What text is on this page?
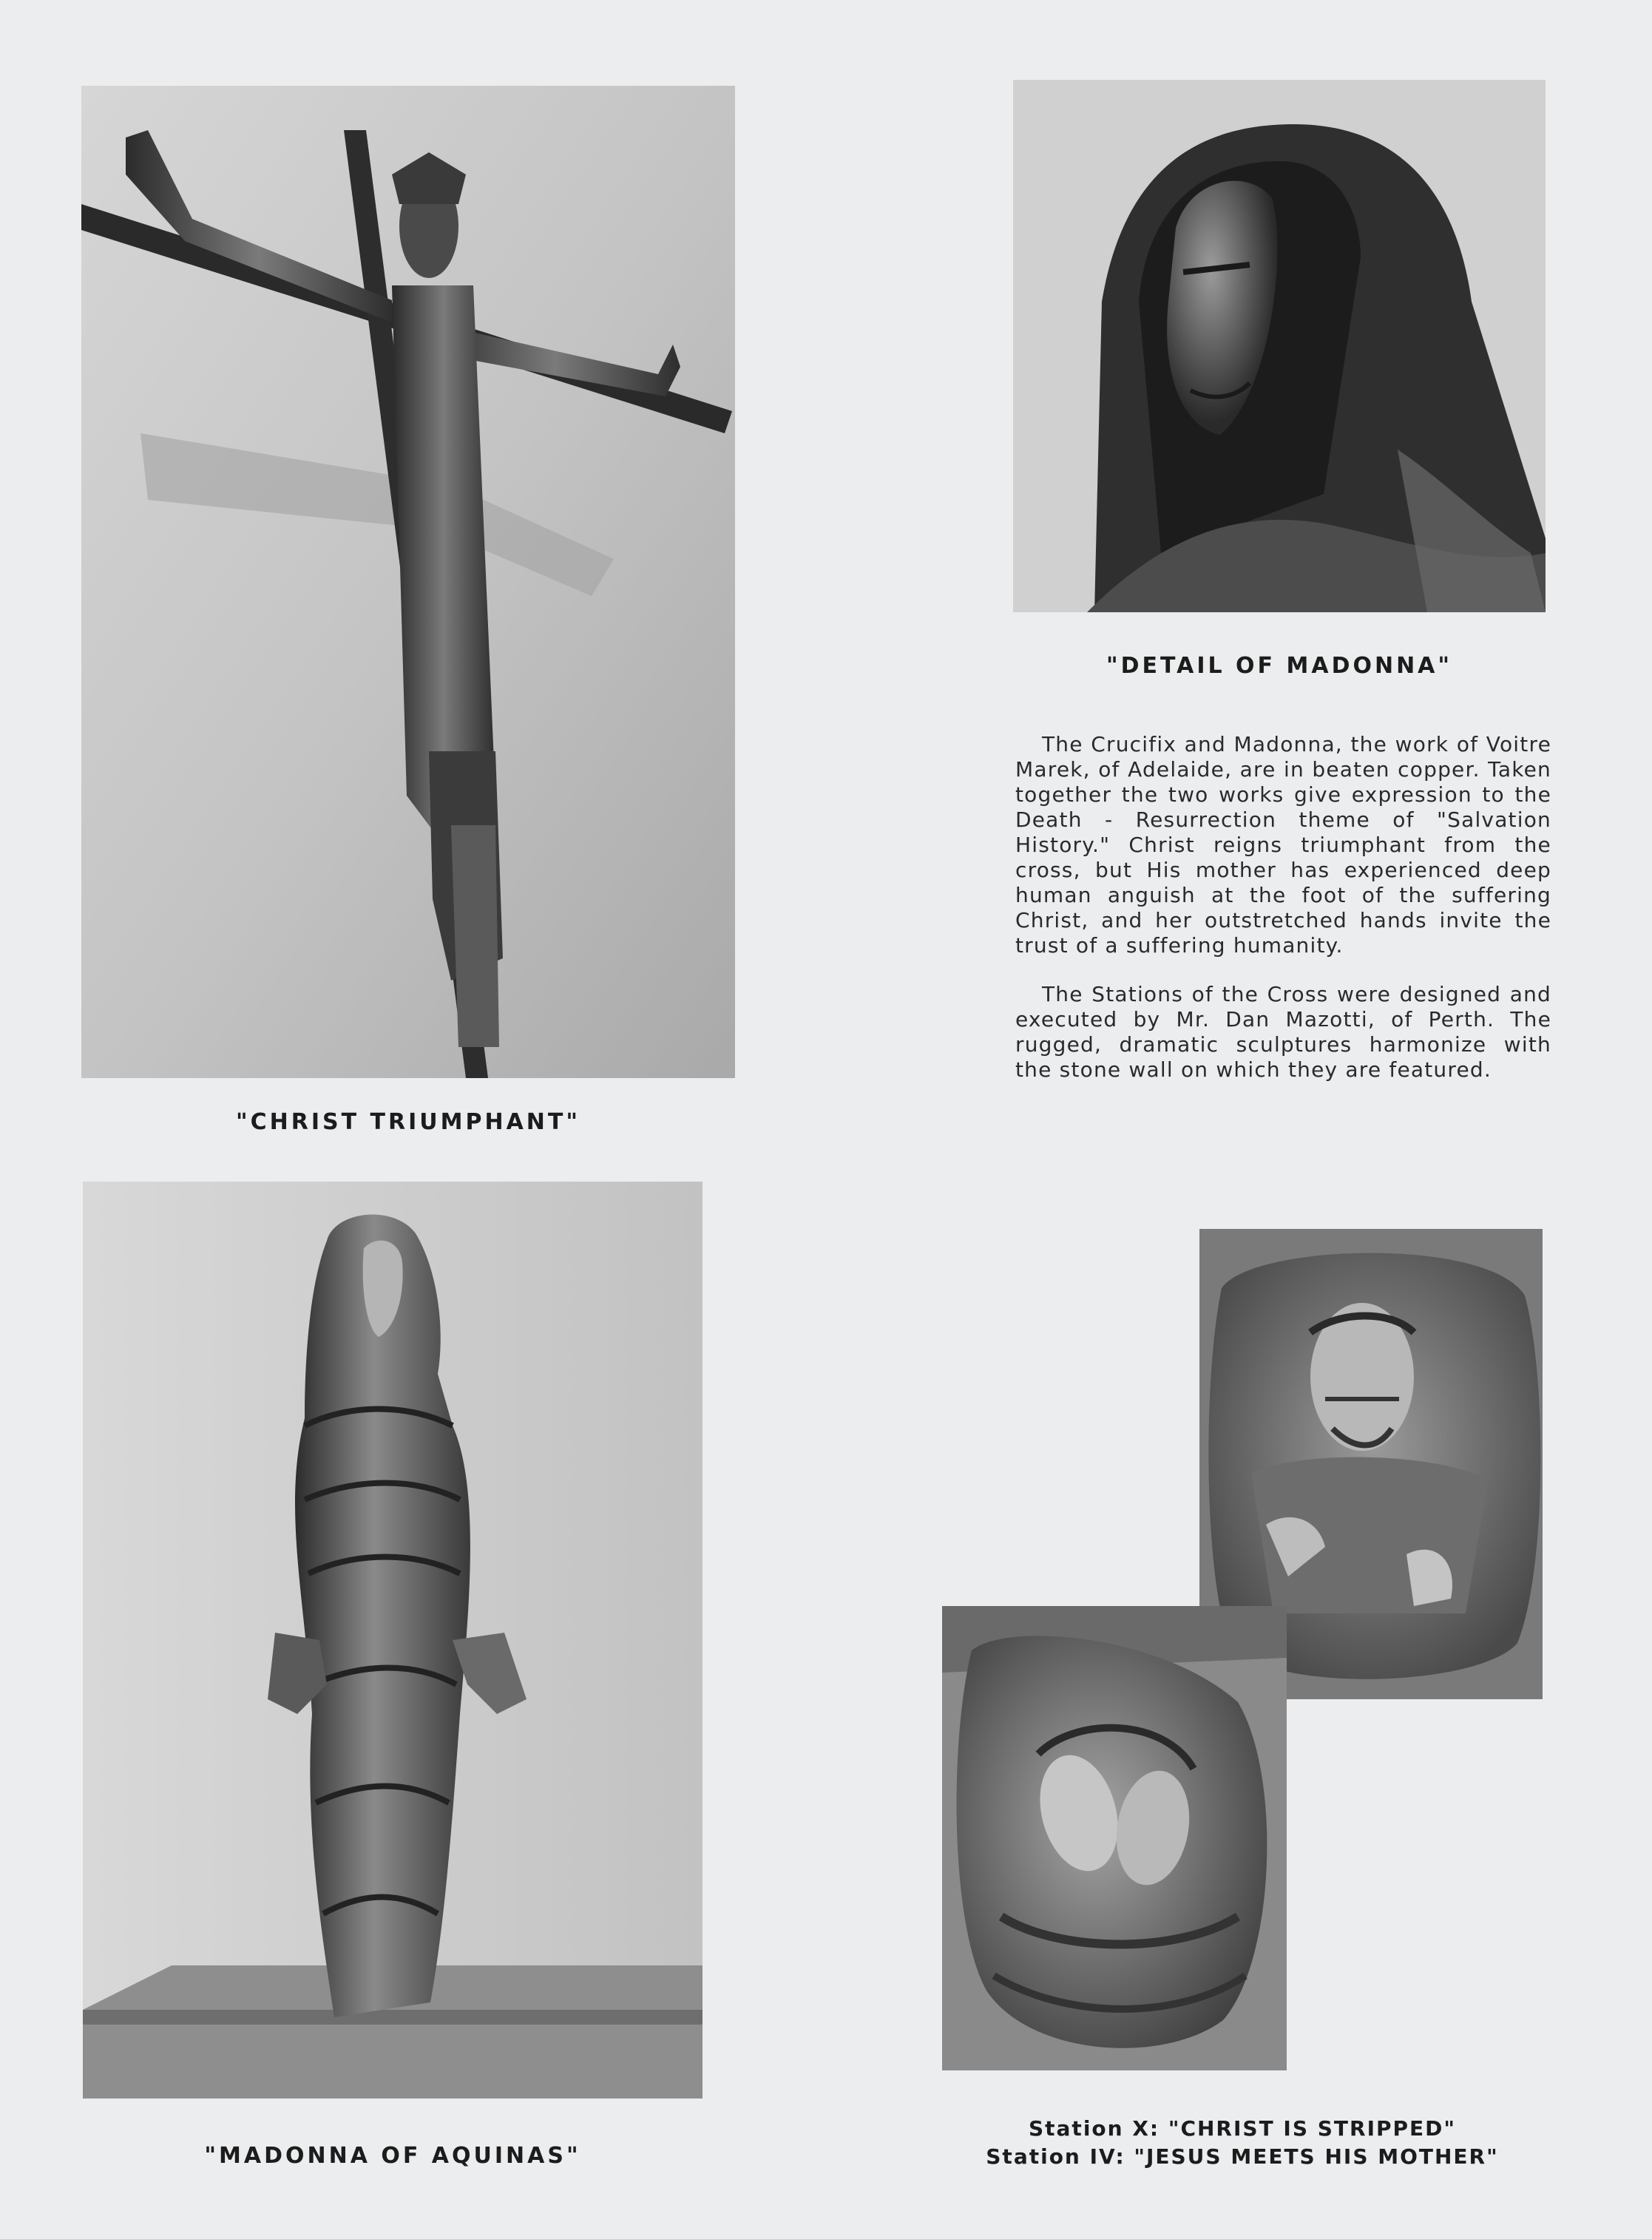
"CHRIST TRIUMPHANT"
"DETAIL OF MADONNA"

The Crucifix and Madonna, the work of Voitre Marek, of Adelaide, are in beaten copper. Taken together the two works give expression to the Death - Resurrection theme of "Salvation History." Christ reigns triumphant from the cross, but His mother has experienced deep human anguish at the foot of the suffering Christ, and her outstretched hands invite the trust of a suffering humanity.

The Stations of the Cross were designed and executed by Mr. Dan Mazotti, of Perth. The rugged, dramatic sculptures harmonize with the stone wall on which they are featured.

"MADONNA OF AQUINAS"
Station X: "CHRIST IS STRIPPED"
Station IV: "JESUS MEETS HIS MOTHER"
